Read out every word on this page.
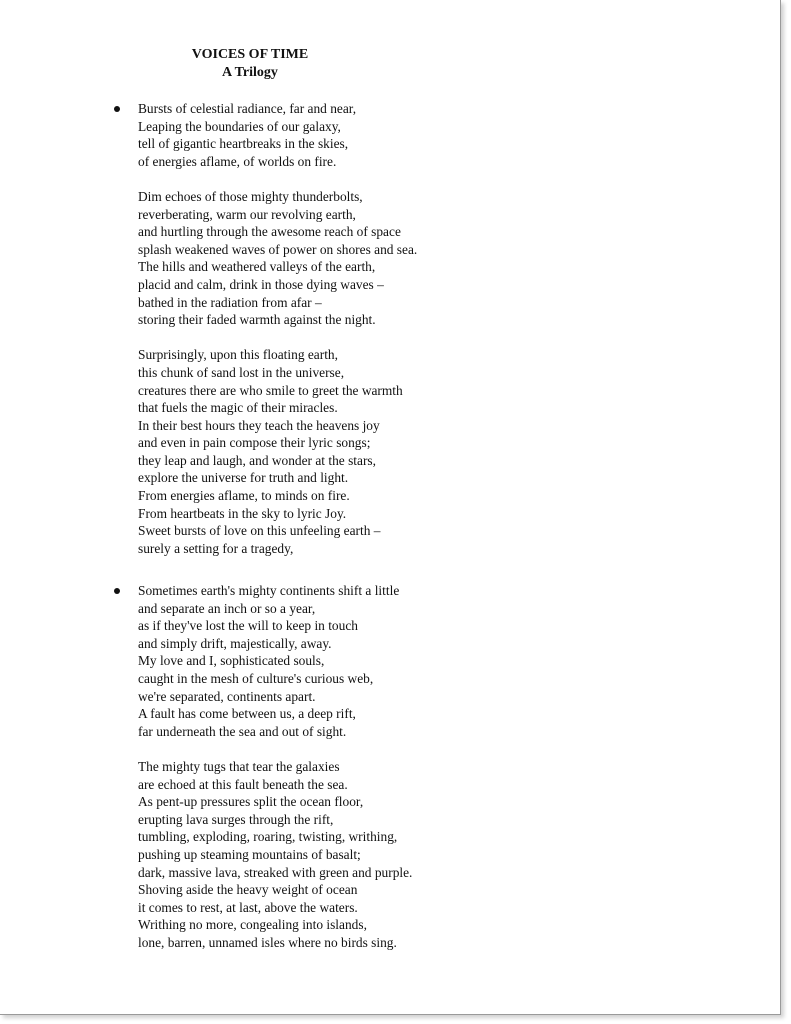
VOICES OF TIME
A Trilogy
Bursts of celestial radiance, far and near,
Leaping the boundaries of our galaxy,
tell of gigantic heartbreaks in the skies,
of energies aflame, of worlds on fire.
Dim echoes of those mighty thunderbolts,
reverberating, warm our revolving earth,
and hurtling through the awesome reach of space
splash weakened waves of power on shores and sea.
The hills and weathered valleys of the earth,
placid and calm, drink in those dying waves –
bathed in the radiation from afar –
storing their faded warmth against the night.
Surprisingly, upon this floating earth,
this chunk of sand lost in the universe,
creatures there are who smile to greet the warmth
that fuels the magic of their miracles.
In their best hours they teach the heavens joy
and even in pain compose their lyric songs;
they leap and laugh, and wonder at the stars,
explore the universe for truth and light.
From energies aflame, to minds on fire.
From heartbeats in the sky to lyric Joy.
Sweet bursts of love on this unfeeling earth –
surely a setting for a tragedy,
Sometimes earth's mighty continents shift a little
and separate an inch or so a year,
as if they've lost the will to keep in touch
and simply drift, majestically, away.
My love and I, sophisticated souls,
caught in the mesh of culture's curious web,
we're separated, continents apart.
A fault has come between us, a deep rift,
far underneath the sea and out of sight.
The mighty tugs that tear the galaxies
are echoed at this fault beneath the sea.
As pent-up pressures split the ocean floor,
erupting lava surges through the rift,
tumbling, exploding, roaring, twisting, writhing,
pushing up steaming mountains of basalt;
dark, massive lava, streaked with green and purple.
Shoving aside the heavy weight of ocean
it comes to rest, at last, above the waters.
Writhing no more, congealing into islands,
lone, barren, unnamed isles where no birds sing.
